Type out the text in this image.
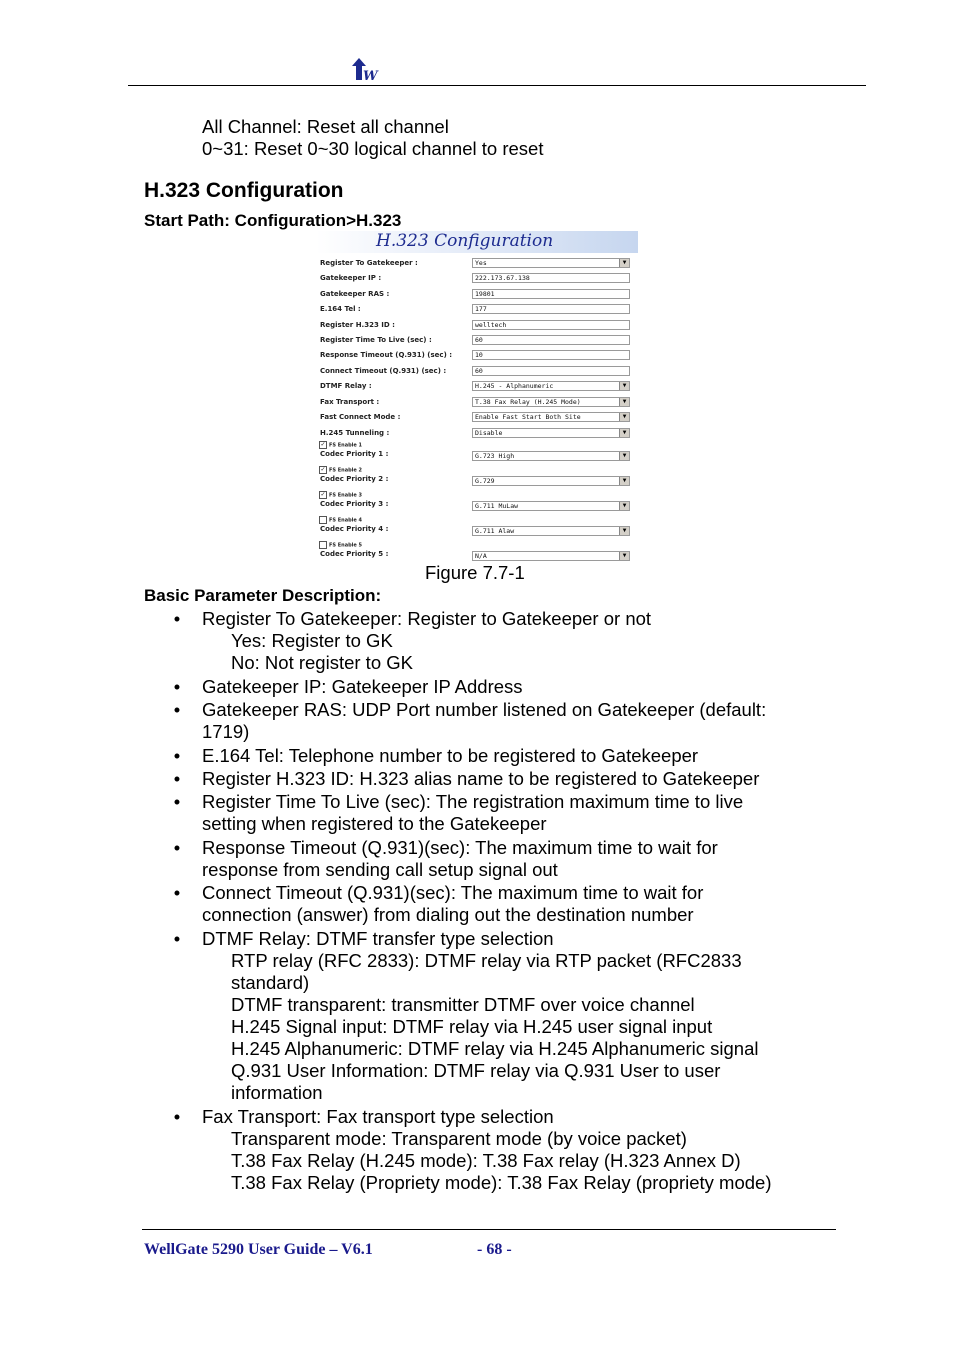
W
All Channel: Reset all channel
0~31: Reset 0~30 logical channel to reset
H.323 Configuration
Start Path: Configuration>H.323
H.323 Configuration
Register To Gatekeeper :	Yes	▼
Gatekeeper IP :	222.173.67.138
Gatekeeper RAS :	19801
E.164 Tel :	177
Register H.323 ID :	welltech
Register Time To Live (sec) :	60
Response Timeout (Q.931) (sec) :	10
Connect Timeout (Q.931) (sec) :	60
DTMF Relay :	H.245 - Alphanumeric	▼
Fax Transport :	T.38 Fax Relay (H.245 Mode)	▼
Fast Connect Mode :	Enable Fast Start Both Site	▼
H.245 Tunneling :	Disable	▼
✓ FS Enable 1
Codec Priority 1 :	G.723 High	▼
✓ FS Enable 2
Codec Priority 2 :	G.729	▼
✓ FS Enable 3
Codec Priority 3 :	G.711 MuLaw	▼
FS Enable 4
Codec Priority 4 :	G.711 Alaw	▼
FS Enable 5
Codec Priority 5 :	N/A	▼
Figure 7.7-1
Basic Parameter Description:
• Register To Gatekeeper: Register to Gatekeeper or not
Yes: Register to GK
No: Not register to GK
• Gatekeeper IP: Gatekeeper IP Address
• Gatekeeper RAS: UDP Port number listened on Gatekeeper (default: 1719)
• E.164 Tel: Telephone number to be registered to Gatekeeper
• Register H.323 ID: H.323 alias name to be registered to Gatekeeper
• Register Time To Live (sec): The registration maximum time to live setting when registered to the Gatekeeper
• Response Timeout (Q.931)(sec): The maximum time to wait for response from sending call setup signal out
• Connect Timeout (Q.931)(sec): The maximum time to wait for connection (answer) from dialing out the destination number
• DTMF Relay: DTMF transfer type selection
RTP relay (RFC 2833): DTMF relay via RTP packet (RFC2833 standard)
DTMF transparent: transmitter DTMF over voice channel
H.245 Signal input: DTMF relay via H.245 user signal input
H.245 Alphanumeric: DTMF relay via H.245 Alphanumeric signal
Q.931 User Information: DTMF relay via Q.931 User to user information
• Fax Transport: Fax transport type selection
Transparent mode: Transparent mode (by voice packet)
T.38 Fax Relay (H.245 mode): T.38 Fax relay (H.323 Annex D)
T.38 Fax Relay (Propriety mode): T.38 Fax Relay (propriety mode)
WellGate 5290 User Guide – V6.1	- 68 -
